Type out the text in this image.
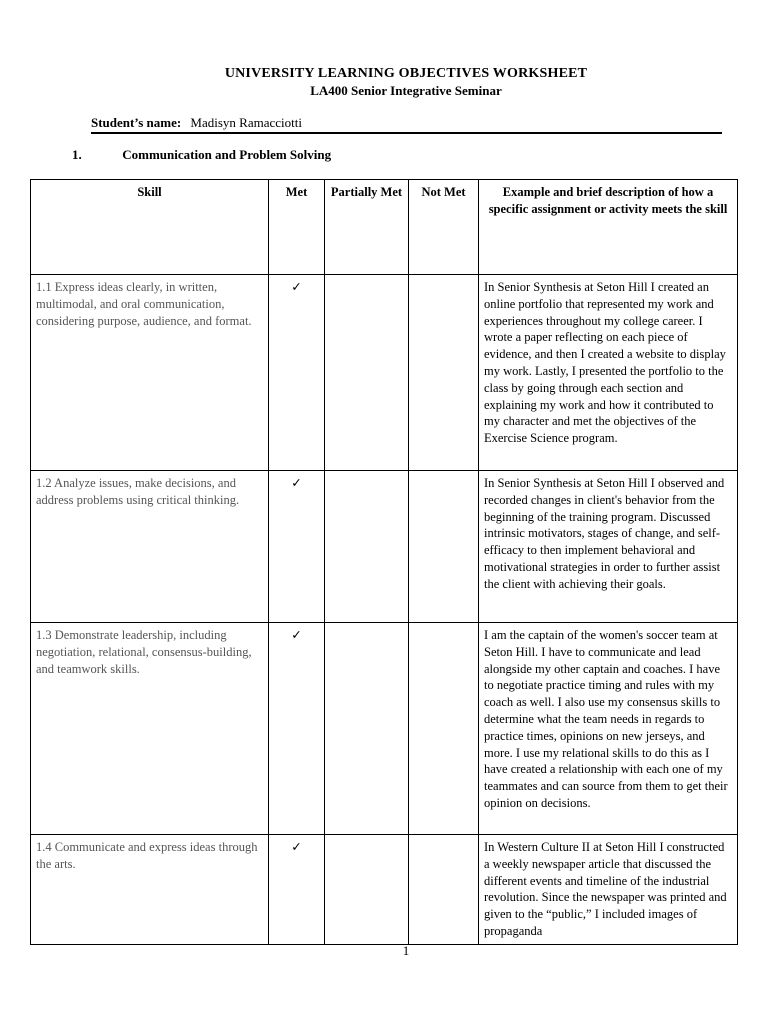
UNIVERSITY LEARNING OBJECTIVES WORKSHEET
LA400 Senior Integrative Seminar
Student’s name: Madisyn Ramacciotti
1.	Communication and Problem Solving
Skill	Met	Partially Met	Not Met	Example and brief description of how a specific assignment or activity meets the skill
1.1 Express ideas clearly, in written, multimodal, and oral communication, considering purpose, audience, and format.	✓			In Senior Synthesis at Seton Hill I created an online portfolio that represented my work and experiences throughout my college career. I wrote a paper reflecting on each piece of evidence, and then I created a website to display my work. Lastly, I presented the portfolio to the class by going through each section and explaining my work and how it contributed to my character and met the objectives of the Exercise Science program.
1.2 Analyze issues, make decisions, and address problems using critical thinking.	✓			In Senior Synthesis at Seton Hill I observed and recorded changes in client's behavior from the beginning of the training program. Discussed intrinsic motivators, stages of change, and self-efficacy to then implement behavioral and motivational strategies in order to further assist the client with achieving their goals.
1.3 Demonstrate leadership, including negotiation, relational, consensus-building, and teamwork skills.	✓			I am the captain of the women's soccer team at Seton Hill. I have to communicate and lead alongside my other captain and coaches. I have to negotiate practice timing and rules with my coach as well. I also use my consensus skills to determine what the team needs in regards to practice times, opinions on new jerseys, and more. I use my relational skills to do this as I have created a relationship with each one of my teammates and can source from them to get their opinion on decisions.
1.4 Communicate and express ideas through the arts.	✓			In Western Culture II at Seton Hill I constructed a weekly newspaper article that discussed the different events and timeline of the industrial revolution. Since the newspaper was printed and given to the “public,” I included images of propaganda
1
